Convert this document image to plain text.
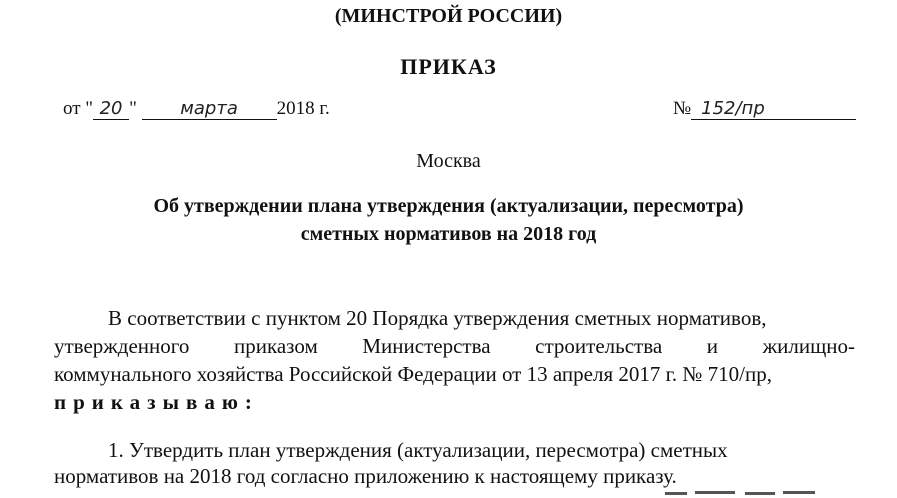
(МИНСТРОЙ РОССИИ)
ПРИКАЗ
от " 20 " марта 2018 г.	№ 152/пр
Москва
Об утверждении плана утверждения (актуализации, пересмотра)
сметных нормативов на 2018 год
В соответствии с пунктом 20 Порядка утверждения сметных нормативов,
утвержденного приказом Министерства строительства и жилищно-
коммунального хозяйства Российской Федерации от 13 апреля 2017 г. № 710/пр,
приказываю:
1. Утвердить план утверждения (актуализации, пересмотра) сметных
нормативов на 2018 год согласно приложению к настоящему приказу.
